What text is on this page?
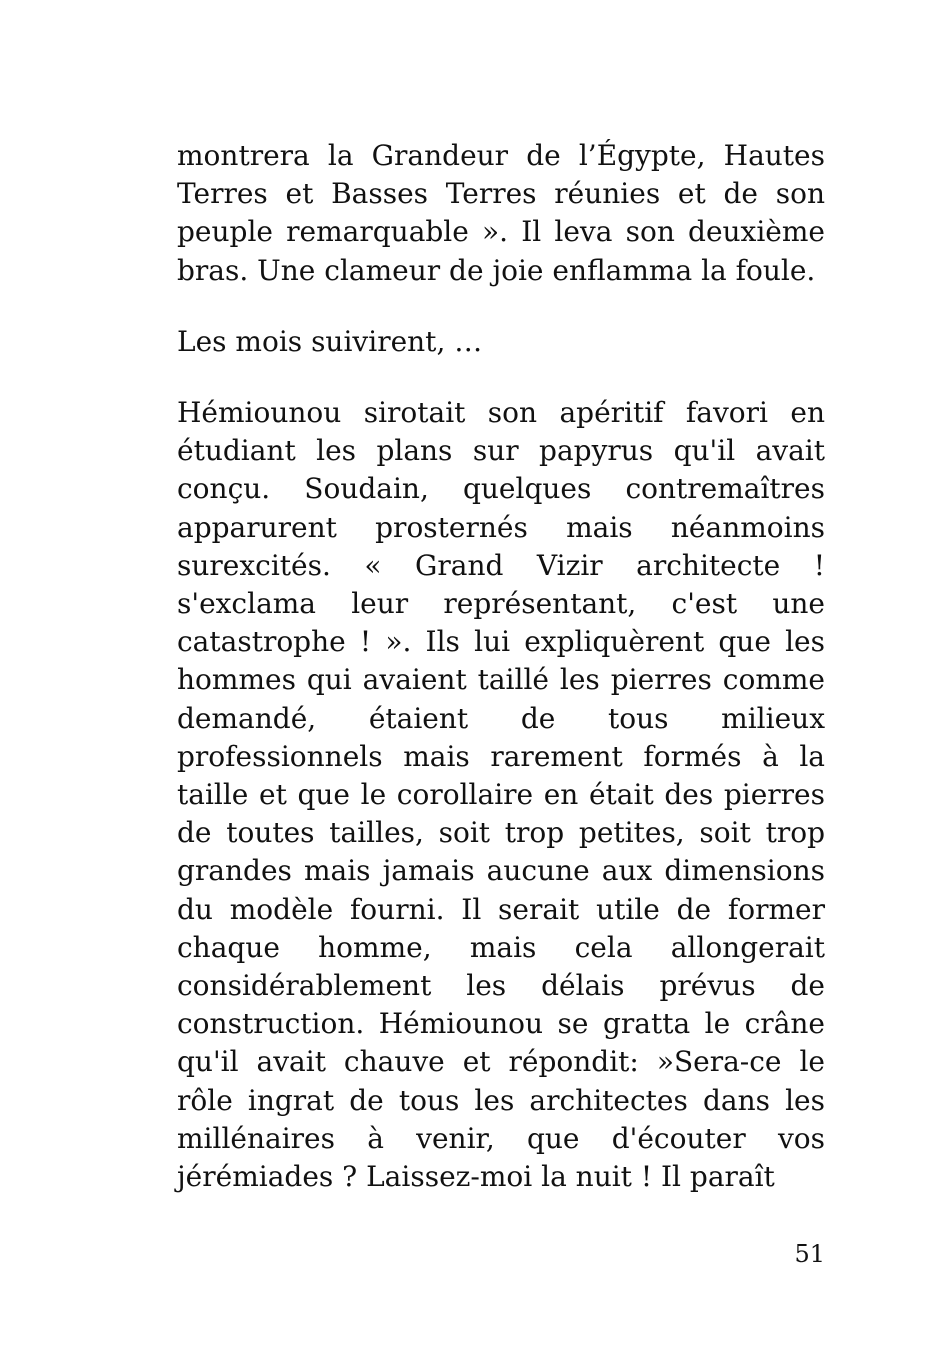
montrera la Grandeur de l’Égypte, Hautes Terres et Basses Terres réunies et de son peuple remarquable ». Il leva son deuxième bras. Une clameur de joie enflamma la foule.

Les mois suivirent, …

Hémiounou sirotait son apéritif favori en étudiant les plans sur papyrus qu'il avait conçu. Soudain, quelques contremaîtres apparurent prosternés mais néanmoins surexcités. « Grand Vizir architecte ! s'exclama leur représentant, c'est une catastrophe ! ». Ils lui expliquèrent que les hommes qui avaient taillé les pierres comme demandé, étaient de tous milieux professionnels mais rarement formés à la taille et que le corollaire en était des pierres de toutes tailles, soit trop petites, soit trop grandes mais jamais aucune aux dimensions du modèle fourni. Il serait utile de former chaque homme, mais cela allongerait considérablement les délais prévus de construction. Hémiounou se gratta le crâne qu'il avait chauve et répondit: »Sera-ce le rôle ingrat de tous les architectes dans les millénaires à venir, que d'écouter vos jérémiades ? Laissez-moi la nuit ! Il paraît

51
